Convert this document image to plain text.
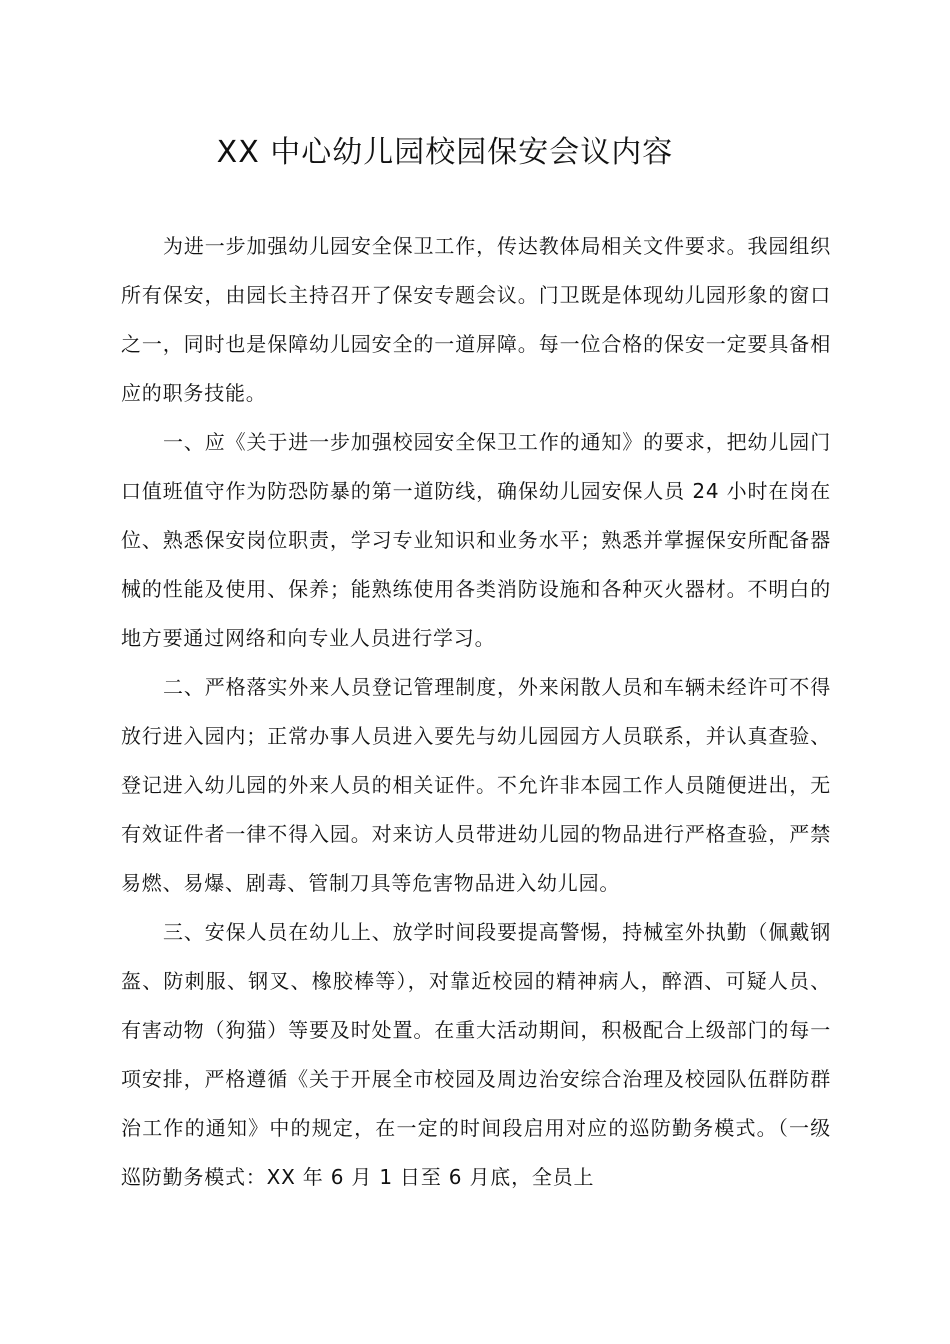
XX 中心幼儿园校园保安会议内容

为进一步加强幼儿园安全保卫工作，传达教体局相关文件要求。我园组织所有保安，由园长主持召开了保安专题会议。门卫既是体现幼儿园形象的窗口之一，同时也是保障幼儿园安全的一道屏障。每一位合格的保安一定要具备相应的职务技能。

一、应《关于进一步加强校园安全保卫工作的通知》的要求，把幼儿园门口值班值守作为防恐防暴的第一道防线，确保幼儿园安保人员 24 小时在岗在位、熟悉保安岗位职责，学习专业知识和业务水平；熟悉并掌握保安所配备器械的性能及使用、保养；能熟练使用各类消防设施和各种灭火器材。不明白的地方要通过网络和向专业人员进行学习。

二、严格落实外来人员登记管理制度，外来闲散人员和车辆未经许可不得放行进入园内；正常办事人员进入要先与幼儿园园方人员联系，并认真查验、登记进入幼儿园的外来人员的相关证件。不允许非本园工作人员随便进出，无有效证件者一律不得入园。对来访人员带进幼儿园的物品进行严格查验，严禁易燃、易爆、剧毒、管制刀具等危害物品进入幼儿园。

三、安保人员在幼儿上、放学时间段要提高警惕，持械室外执勤（佩戴钢盔、防刺服、钢叉、橡胶棒等），对靠近校园的精神病人，醉酒、可疑人员、有害动物（狗猫）等要及时处置。在重大活动期间，积极配合上级部门的每一项安排，严格遵循《关于开展全市校园及周边治安综合治理及校园队伍群防群治工作的通知》中的规定，在一定的时间段启用对应的巡防勤务模式。（一级巡防勤务模式：XX 年 6 月 1 日至 6 月底，全员上
